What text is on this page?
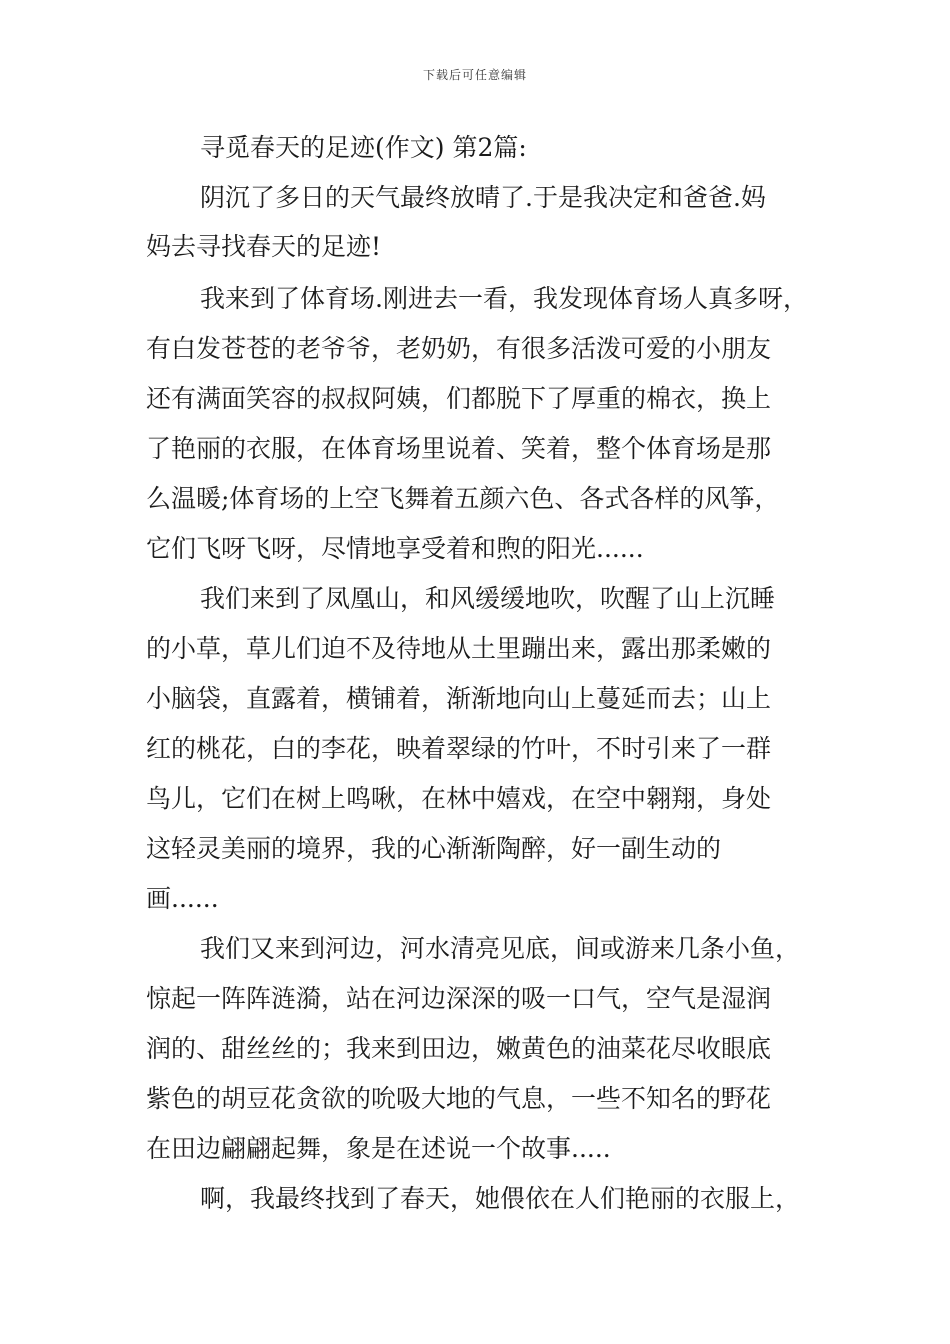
下载后可任意编辑
寻觅春天的足迹(作文) 第2篇:
阴沉了多日的天气最终放晴了.于是我决定和爸爸.妈
妈去寻找春天的足迹!
我来到了体育场.刚进去一看，我发现体育场人真多呀，
有白发苍苍的老爷爷，老奶奶，有很多活泼可爱的小朋友
还有满面笑容的叔叔阿姨，们都脱下了厚重的棉衣，换上
了艳丽的衣服，在体育场里说着、笑着，整个体育场是那
么温暖;体育场的上空飞舞着五颜六色、各式各样的风筝，
它们飞呀飞呀，尽情地享受着和煦的阳光......
我们来到了凤凰山，和风缓缓地吹，吹醒了山上沉睡
的小草，草儿们迫不及待地从土里蹦出来，露出那柔嫩的
小脑袋，直露着，横铺着，渐渐地向山上蔓延而去；山上
红的桃花，白的李花，映着翠绿的竹叶，不时引来了一群
鸟儿，它们在树上鸣啾，在林中嬉戏，在空中翱翔，身处
这轻灵美丽的境界，我的心渐渐陶醉，好一副生动的
画......
我们又来到河边，河水清亮见底，间或游来几条小鱼，
惊起一阵阵涟漪，站在河边深深的吸一口气，空气是湿润
润的、甜丝丝的；我来到田边，嫩黄色的油菜花尽收眼底
紫色的胡豆花贪欲的吮吸大地的气息，一些不知名的野花
在田边翩翩起舞，象是在述说一个故事.....
啊，我最终找到了春天，她偎依在人们艳丽的衣服上，
